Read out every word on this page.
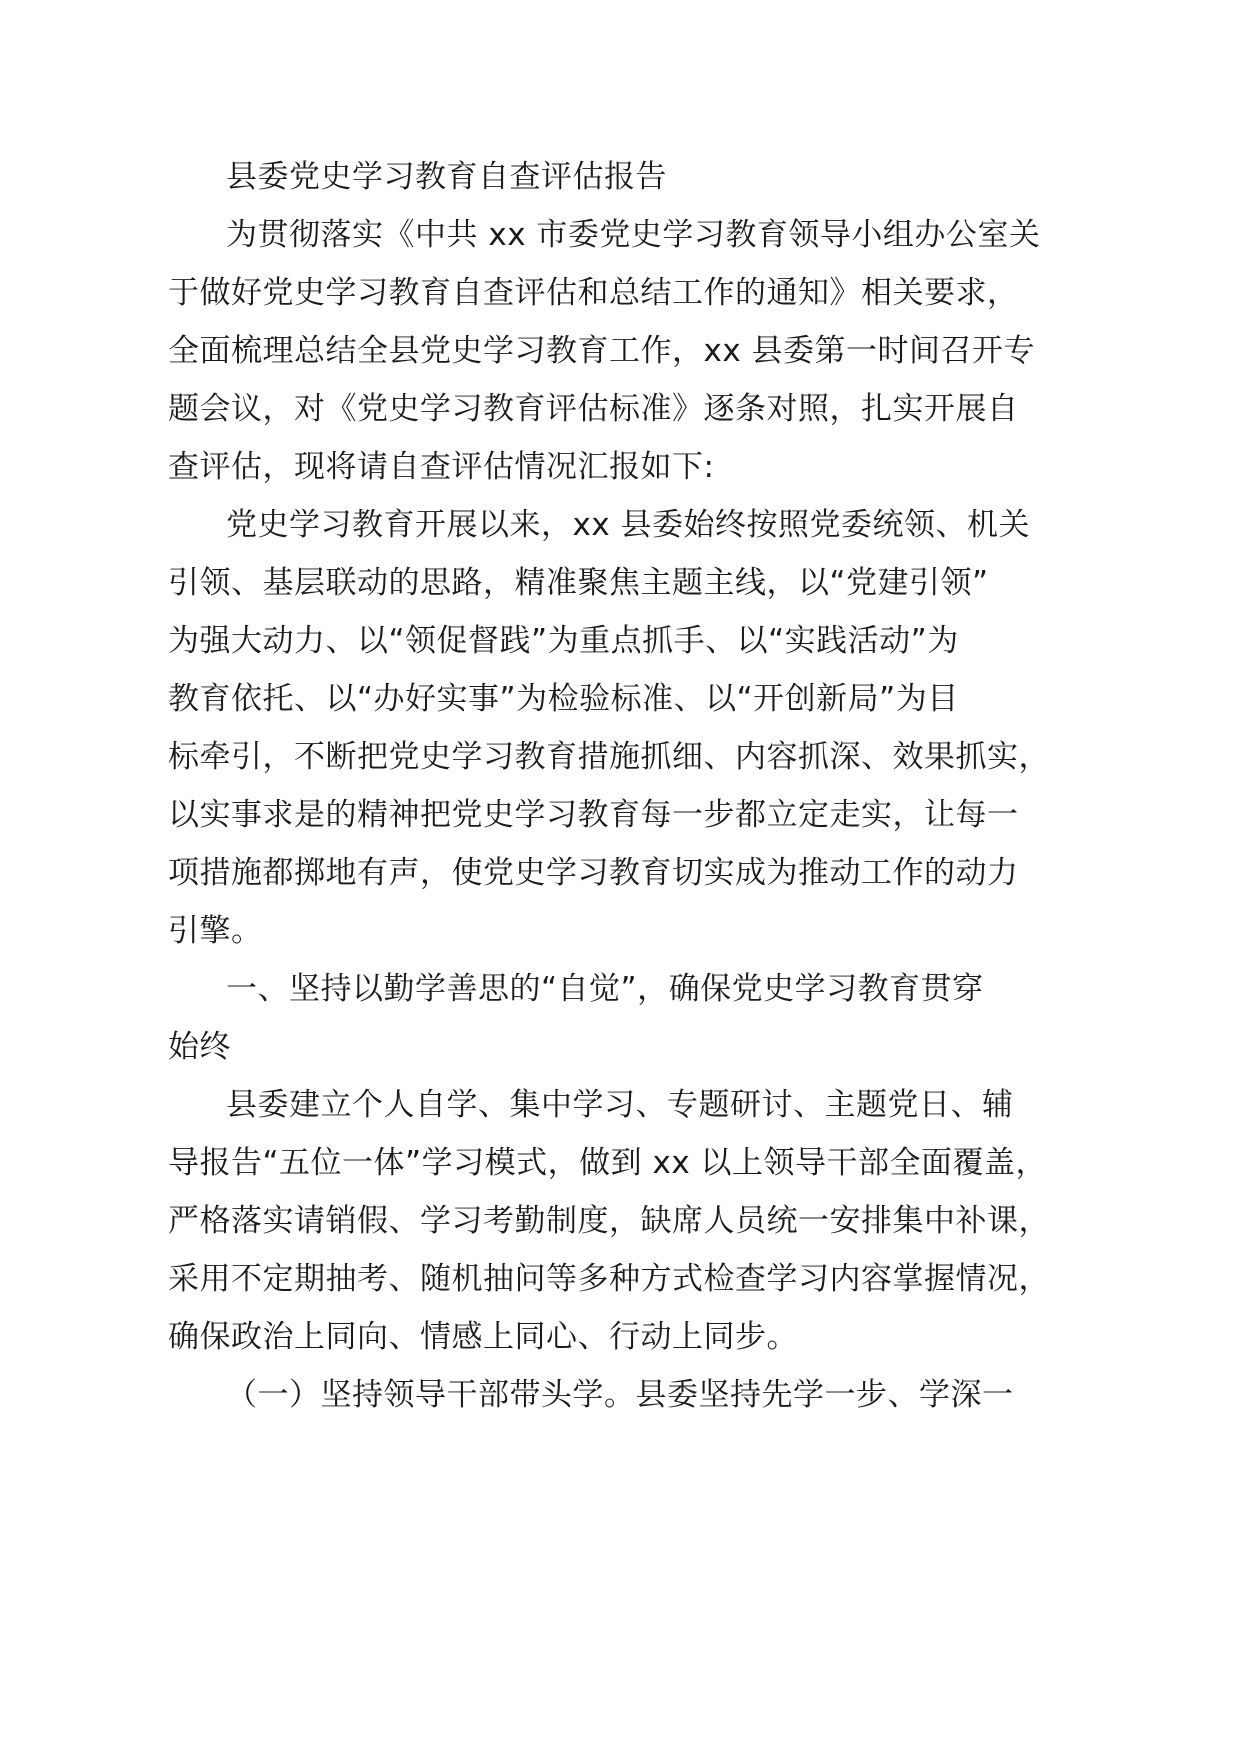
县委党史学习教育自查评估报告
为贯彻落实《中共 xx 市委党史学习教育领导小组办公室关
于做好党史学习教育自查评估和总结工作的通知》相关要求，
全面梳理总结全县党史学习教育工作，xx 县委第一时间召开专
题会议，对《党史学习教育评估标准》逐条对照，扎实开展自
查评估，现将请自查评估情况汇报如下:
党史学习教育开展以来，xx 县委始终按照党委统领、机关
引领、基层联动的思路，精准聚焦主题主线，以“党建引领”
为强大动力、以“领促督践”为重点抓手、以“实践活动”为
教育依托、以“办好实事”为检验标准、以“开创新局”为目
标牵引，不断把党史学习教育措施抓细、内容抓深、效果抓实，
以实事求是的精神把党史学习教育每一步都立定走实，让每一
项措施都掷地有声，使党史学习教育切实成为推动工作的动力
引擎。
一、坚持以勤学善思的“自觉”，确保党史学习教育贯穿
始终
县委建立个人自学、集中学习、专题研讨、主题党日、辅
导报告“五位一体”学习模式，做到 xx 以上领导干部全面覆盖，
严格落实请销假、学习考勤制度，缺席人员统一安排集中补课，
采用不定期抽考、随机抽问等多种方式检查学习内容掌握情况，
确保政治上同向、情感上同心、行动上同步。
（一）坚持领导干部带头学。县委坚持先学一步、学深一
